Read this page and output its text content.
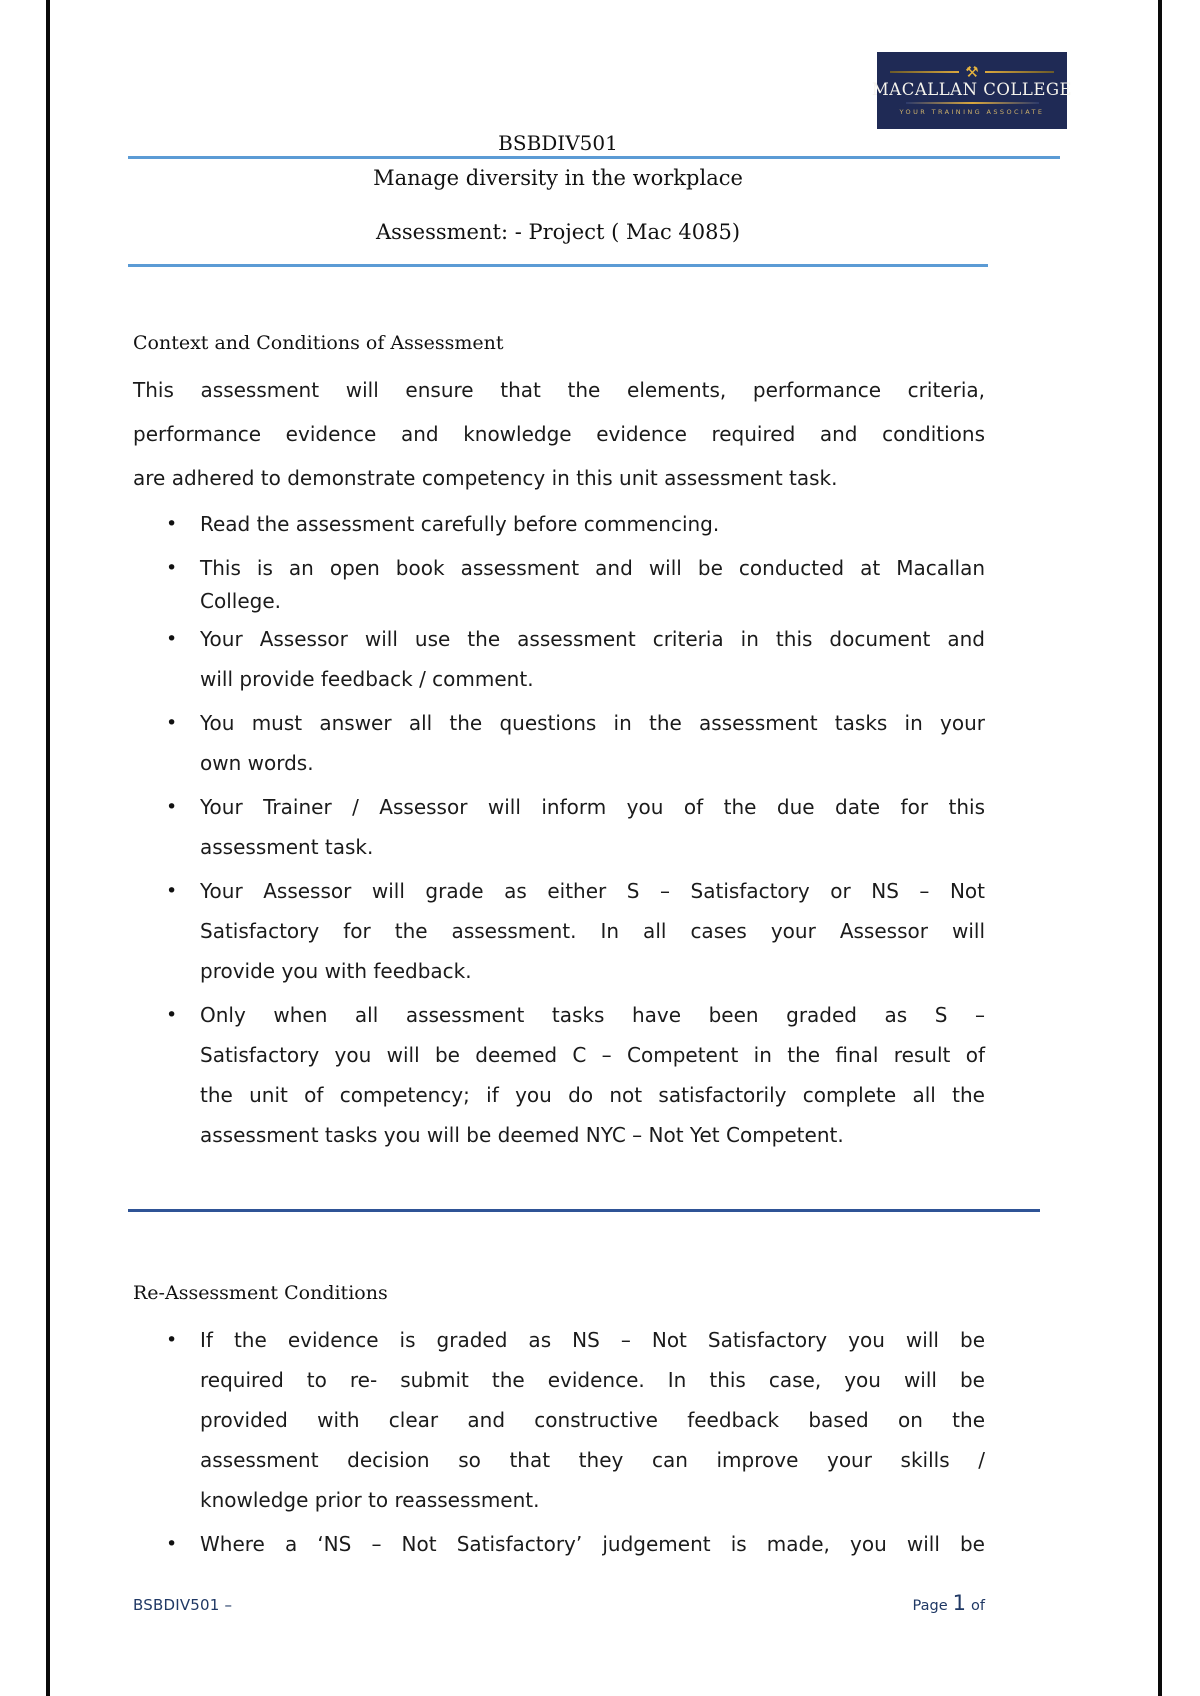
⚒
MACALLAN COLLEGE
YOUR TRAINING ASSOCIATE
BSBDIV501
Manage diversity in the workplace
Assessment: - Project ( Mac 4085)
Context and Conditions of Assessment
This assessment will ensure that the elements, performance criteria,
performance evidence and knowledge evidence required and conditions
are adhered to demonstrate competency in this unit assessment task.
• Read the assessment carefully before commencing.
• This is an open book assessment and will be conducted at Macallan
College.
• Your Assessor will use the assessment criteria in this document and
will provide feedback / comment.
• You must answer all the questions in the assessment tasks in your
own words.
• Your Trainer / Assessor will inform you of the due date for this
assessment task.
• Your Assessor will grade as either S – Satisfactory or NS – Not
Satisfactory for the assessment. In all cases your Assessor will
provide you with feedback.
• Only when all assessment tasks have been graded as S –
Satisfactory you will be deemed C – Competent in the final result of
the unit of competency; if you do not satisfactorily complete all the
assessment tasks you will be deemed NYC – Not Yet Competent.
Re-Assessment Conditions
• If the evidence is graded as NS – Not Satisfactory you will be
required to re- submit the evidence. In this case, you will be
provided with clear and constructive feedback based on the
assessment decision so that they can improve your skills /
knowledge prior to reassessment.
• Where a ‘NS – Not Satisfactory’ judgement is made, you will be
BSBDIV501 –	Page 1 of
